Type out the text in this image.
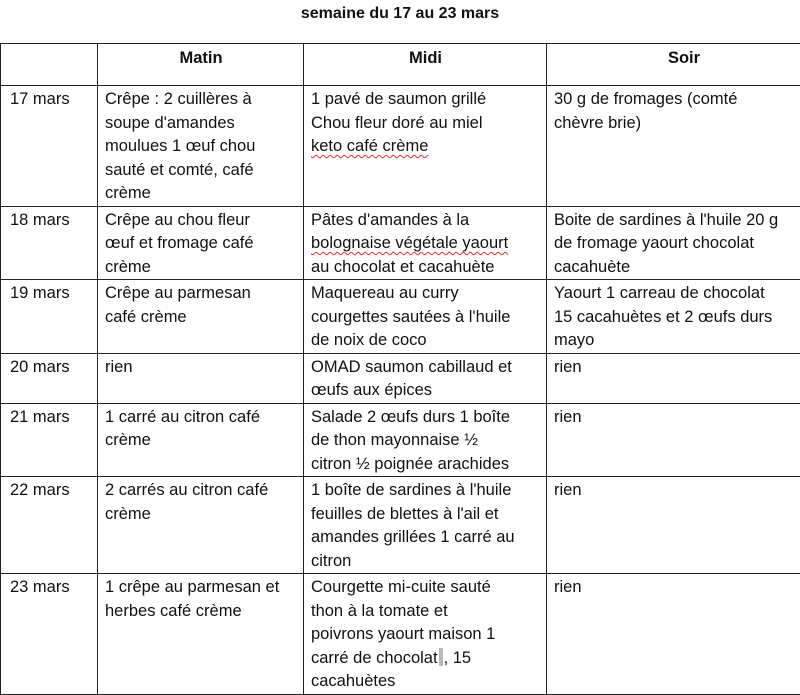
semaine du 17 au 23 mars
	Matin	Midi	Soir
17 mars	Crêpe : 2 cuillères à
soupe d'amandes
moulues 1 œuf chou
sauté et comté, café
crème	1 pavé de saumon grillé
Chou fleur doré au miel
keto café crème	30 g de fromages (comté
chèvre brie)
18 mars	Crêpe au chou fleur
œuf et fromage café
crème	Pâtes d'amandes à la
bolognaise végétale yaourt
au chocolat et cacahuète	Boite de sardines à l'huile 20 g
de fromage yaourt chocolat
cacahuète
19 mars	Crêpe au parmesan
café crème	Maquereau au curry
courgettes sautées à l'huile
de noix de coco	Yaourt 1 carreau de chocolat
15 cacahuètes et 2 œufs durs
mayo
20 mars	rien	OMAD saumon cabillaud et
œufs aux épices	rien
21 mars	1 carré au citron café
crème	Salade 2 œufs durs 1 boîte
de thon mayonnaise ½
citron ½ poignée arachides	rien
22 mars	2 carrés au citron café
crème	1 boîte de sardines à l'huile
feuilles de blettes à l'ail et
amandes grillées 1 carré au
citron	rien
23 mars	1 crêpe au parmesan et
herbes café crème	Courgette mi-cuite sauté
thon à la tomate et
poivrons yaourt maison 1
carré de chocolat , 15
cacahuètes	rien
